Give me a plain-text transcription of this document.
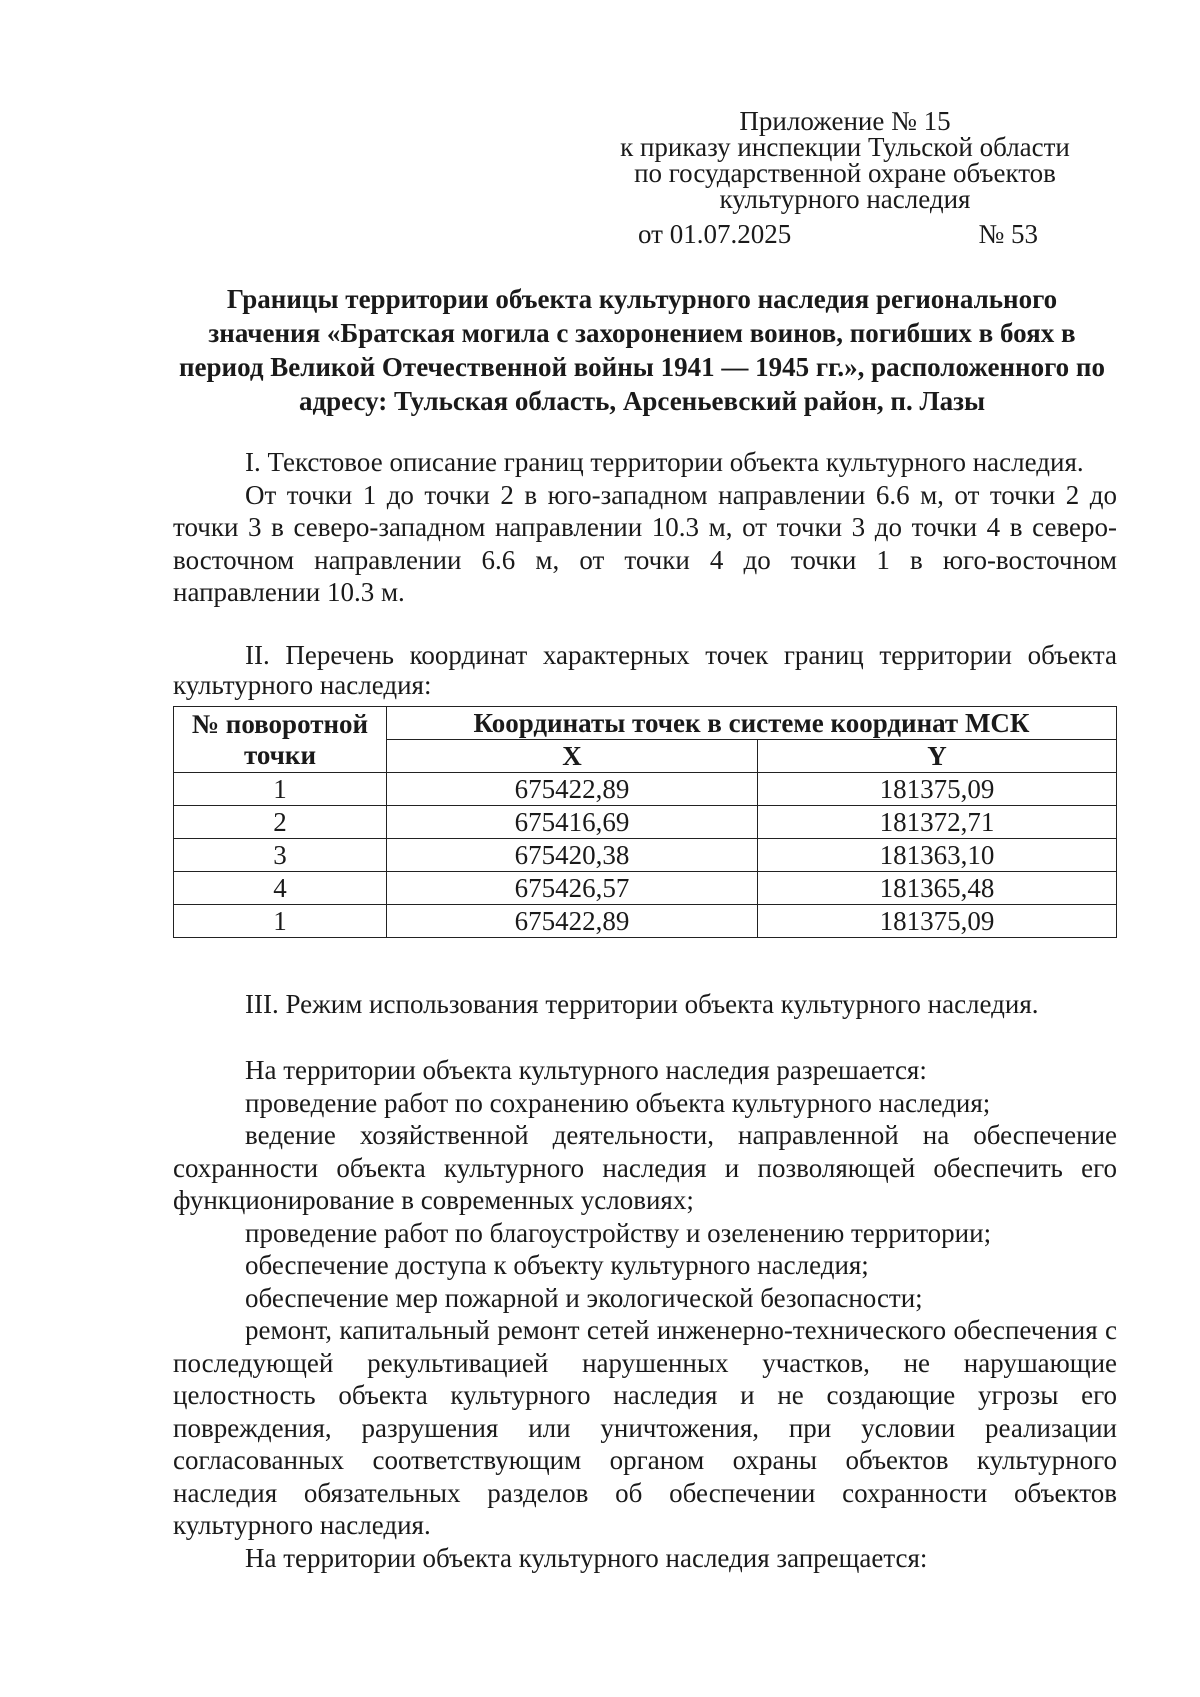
Приложение № 15
к приказу инспекции Тульской области
по государственной охране объектов
культурного наследия
от 01.07.2025	№ 53
Границы территории объекта культурного наследия регионального значения «Братская могила с захоронением воинов, погибших в боях в период Великой Отечественной войны 1941 — 1945 гг.», расположенного по адресу: Тульская область, Арсеньевский район, п. Лазы

I. Текстовое описание границ территории объекта культурного наследия.

От точки 1 до точки 2 в юго-западном направлении 6.6 м, от точки 2 до точки 3 в северо-западном направлении 10.3 м, от точки 3 до точки 4 в северо-восточном направлении 6.6 м, от точки 4 до точки 1 в юго-восточном направлении 10.3 м.

II. Перечень координат характерных точек границ территории объекта культурного наследия:

№ поворотной точки	Координаты точек в системе координат МСК	
	X	Y
1	675422,89	181375,09
2	675416,69	181372,71
3	675420,38	181363,10
4	675426,57	181365,48
1	675422,89	181375,09

III. Режим использования территории объекта культурного наследия.

На территории объекта культурного наследия разрешается:

проведение работ по сохранению объекта культурного наследия;

ведение хозяйственной деятельности, направленной на обеспечение сохранности объекта культурного наследия и позволяющей обеспечить его функционирование в современных условиях;

проведение работ по благоустройству и озеленению территории;

обеспечение доступа к объекту культурного наследия;

обеспечение мер пожарной и экологической безопасности;

ремонт, капитальный ремонт сетей инженерно-технического обеспечения с последующей рекультивацией нарушенных участков, не нарушающие целостность объекта культурного наследия и не создающие угрозы его повреждения, разрушения или уничтожения, при условии реализации согласованных соответствующим органом охраны объектов культурного наследия обязательных разделов об обеспечении сохранности объектов культурного наследия.

На территории объекта культурного наследия запрещается:
